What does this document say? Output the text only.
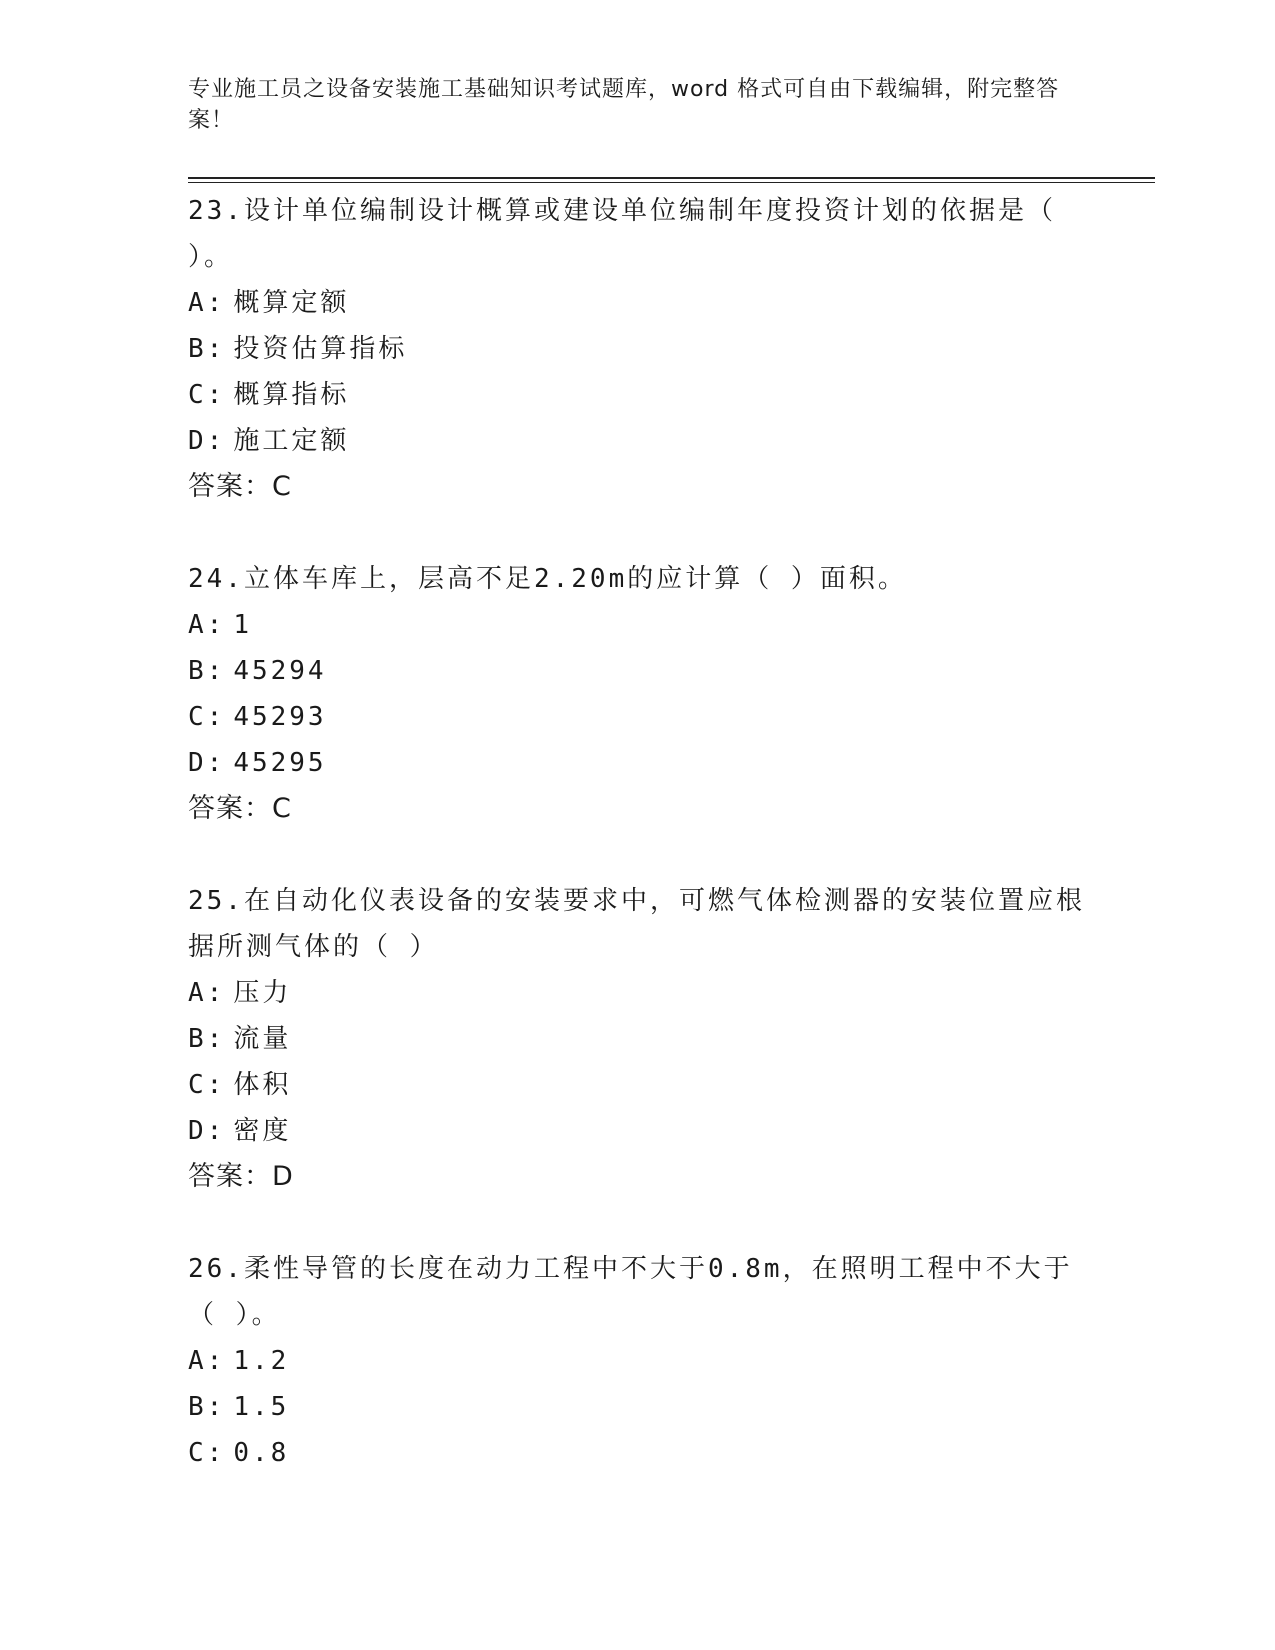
专业施工员之设备安装施工基础知识考试题库，word 格式可自由下载编辑，附完整答案！

23.设计单位编制设计概算或建设单位编制年度投资计划的依据是（ ）。

A: 概算定额

B: 投资估算指标

C: 概算指标

D: 施工定额

答案：C

24.立体车库上，层高不足2.20m的应计算（ ）面积。

A: 1

B: 45294

C: 45293

D: 45295

答案：C

25.在自动化仪表设备的安装要求中，可燃气体检测器的安装位置应根据所测气体的（ ）

A: 压力

B: 流量

C: 体积

D: 密度

答案：D

26.柔性导管的长度在动力工程中不大于0.8m，在照明工程中不大于（ ）。

A: 1.2

B: 1.5

C: 0.8
